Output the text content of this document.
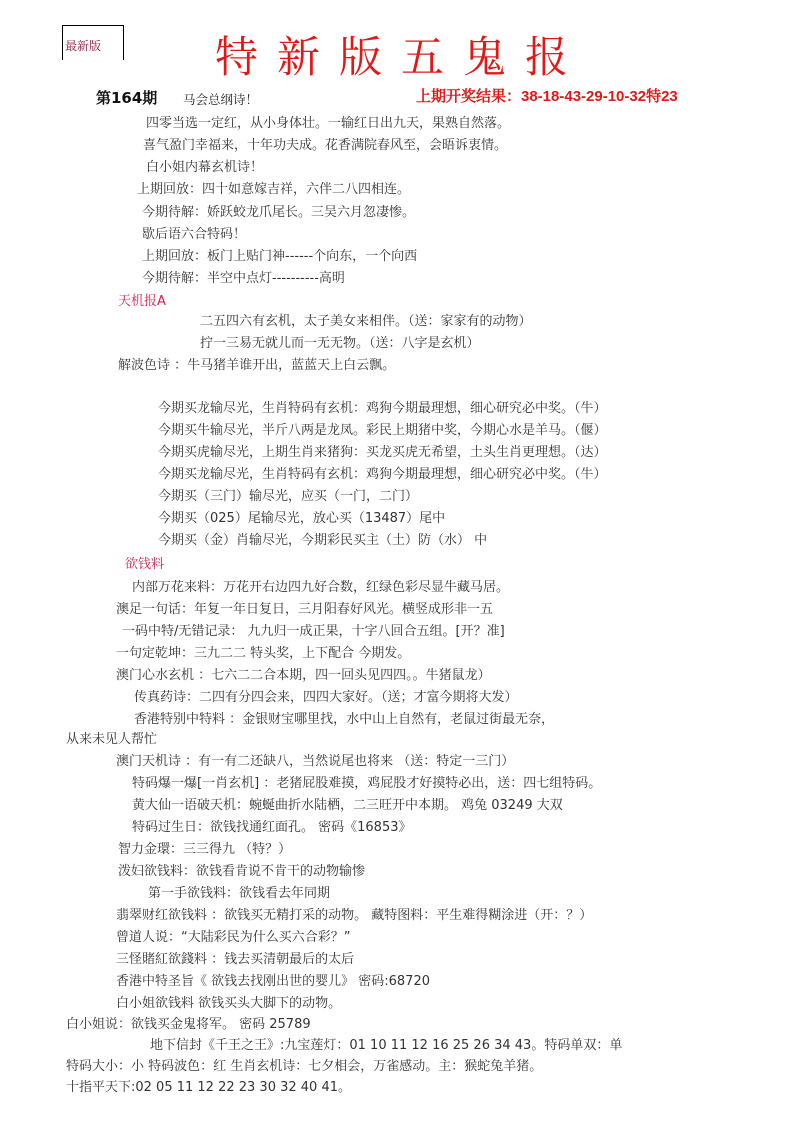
最新版	特新版五鬼报
第164期 马会总纲诗！	上期开奖结果：38-18-43-29-10-32特23
四零当选一定红，从小身体壮。一输红日出九天，果熟自然落。
喜气盈门幸福来，十年功夫成。花香满院春风至，会晤诉衷情。
白小姐内幕玄机诗！
上期回放：四十如意嫁吉祥，六伴二八四相连。
今期待解：娇跃蛟龙爪尾长。三吴六月忽凄惨。
歇后语六合特码！
上期回放：板门上贴门神------个向东，一个向西
今期待解：半空中点灯----------高明
天机报A
二五四六有玄机，太子美女来相伴。（送：家家有的动物）
拧一三易无就儿而一无无物。（送：八字是玄机）
解波色诗 ：牛马猪羊谁开出，蓝蓝天上白云飘。
今期买龙输尽光，生肖特码有玄机：鸡狗今期最理想，细心研究必中奖。（牛）
今期买牛输尽光，半斤八两是龙凤。彩民上期猪中奖，今期心水是羊马。（偃）
今期买虎输尽光，上期生肖来猪狗：买龙买虎无希望，土头生肖更理想。（达）
今期买龙输尽光，生肖特码有玄机：鸡狗今期最理想，细心研究必中奖。（牛）
今期买（三门）输尽光，应买（一门，二门）
今期买（025）尾输尽光，放心买（13487）尾中
今期买（金）肖输尽光，今期彩民买主（土）防（水） 中
欲钱料
内部万花来料：万花开右边四九好合数，红绿色彩尽显牛藏马居。
澳足一句话：年复一年日复日，三月阳春好风光。横竖成形非一五
一码中特/无错记录： 九九归一成正果，十字八回合五组。[开？准]
一句定乾坤：三九二二 特头奖，上下配合 今期发。
澳门心水玄机 ：七六二二合本期，四一回头见四四。。牛猪鼠龙）
传真药诗：二四有分四会来，四四大家好。（送；才富今期将大发）
香港特别中特料 ：金银财宝哪里找，水中山上自然有，老鼠过街最无奈，
从来未见人帮忙
澳门天机诗 ：有一有二还缺八，当然说尾也将来 （送：特定一三门）
特码爆一爆[一肖玄机] ：老猪屁股难摸，鸡屁股才好摸特必出，送：四七组特码。
黄大仙一语破天机：蜿蜒曲折水陆栖，二三旺开中本期。 鸡兔 03249 大双
特码过生日：欲钱找通红面孔。 密码《16853》
智力金環：三三得九 （特？）
泼妇欲钱料：欲钱看肯说不肯干的动物输惨
第一手欲钱料：欲钱看去年同期
翡翠财红欲钱料 ：欲钱买无精打采的动物。 藏特图料：平生难得糊涂进（开：？）
曾道人说：“大陆彩民为什么买六合彩？”
三怪賭紅欲錢料 ：钱去买清朝最后的太后
香港中特圣旨《 欲钱去找刚出世的婴儿》 密码:68720
白小姐欲钱料 欲钱买头大脚下的动物。
白小姐说：欲钱买金鬼将军。 密码 25789
地下信封《千王之王》:九宝莲灯：01 10 11 12 16 25 26 34 43。特码单双：单
特码大小：小 特码波色：红 生肖玄机诗：七夕相会，万雀感动。主：猴蛇兔羊猪。
十指平天下:02 05 11 12 22 23 30 32 40 41。
